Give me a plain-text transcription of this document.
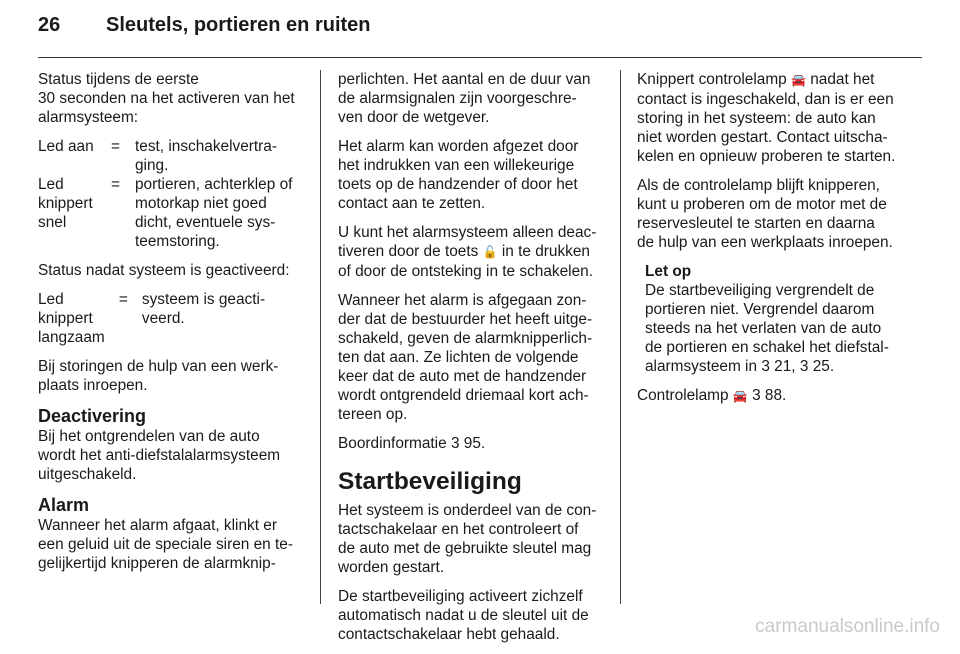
26 Sleutels, portieren en ruiten

Status tijdens de eerste
30 seconden na het activeren van het
alarmsysteem:

Led aan	=	test, inschakelvertra-
ging.
Led
knippert
snel	=	portieren, achterklep of
motorkap niet goed
dicht, eventuele sys-
teemstoring.

Status nadat systeem is geactiveerd:

Led
knippert
langzaam	=	systeem is geacti-
veerd.

Bij storingen de hulp van een werk-
plaats inroepen.

Deactivering

Bij het ontgrendelen van de auto
wordt het anti-diefstalalarmsysteem
uitgeschakeld.

Alarm

Wanneer het alarm afgaat, klinkt er
een geluid uit de speciale siren en te-
gelijkertijd knipperen de alarmknip-

perlichten. Het aantal en de duur van
de alarmsignalen zijn voorgeschre-
ven door de wetgever.

Het alarm kan worden afgezet door
het indrukken van een willekeurige
toets op de handzender of door het
contact aan te zetten.

U kunt het alarmsysteem alleen deac-
tiveren door de toets 🔓 in te drukken
of door de ontsteking in te schakelen.

Wanneer het alarm is afgegaan zon-
der dat de bestuurder het heeft uitge-
schakeld, geven de alarmknipperlich-
ten dat aan. Ze lichten de volgende
keer dat de auto met de handzender
wordt ontgrendeld driemaal kort ach-
tereen op.

Boordinformatie 3 95.

Startbeveiliging

Het systeem is onderdeel van de con-
tactschakelaar en het controleert of
de auto met de gebruikte sleutel mag
worden gestart.

De startbeveiliging activeert zichzelf
automatisch nadat u de sleutel uit de
contactschakelaar hebt gehaald.

Knippert controlelamp 🚘 nadat het
contact is ingeschakeld, dan is er een
storing in het systeem: de auto kan
niet worden gestart. Contact uitscha-
kelen en opnieuw proberen te starten.

Als de controlelamp blijft knipperen,
kunt u proberen om de motor met de
reservesleutel te starten en daarna
de hulp van een werkplaats inroepen.

Let op
De startbeveiliging vergrendelt de
portieren niet. Vergrendel daarom
steeds na het verlaten van de auto
de portieren en schakel het diefstal-
alarmsysteem in 3 21, 3 25.

Controlelamp 🚘 3 88.

carmanualsonline.info
